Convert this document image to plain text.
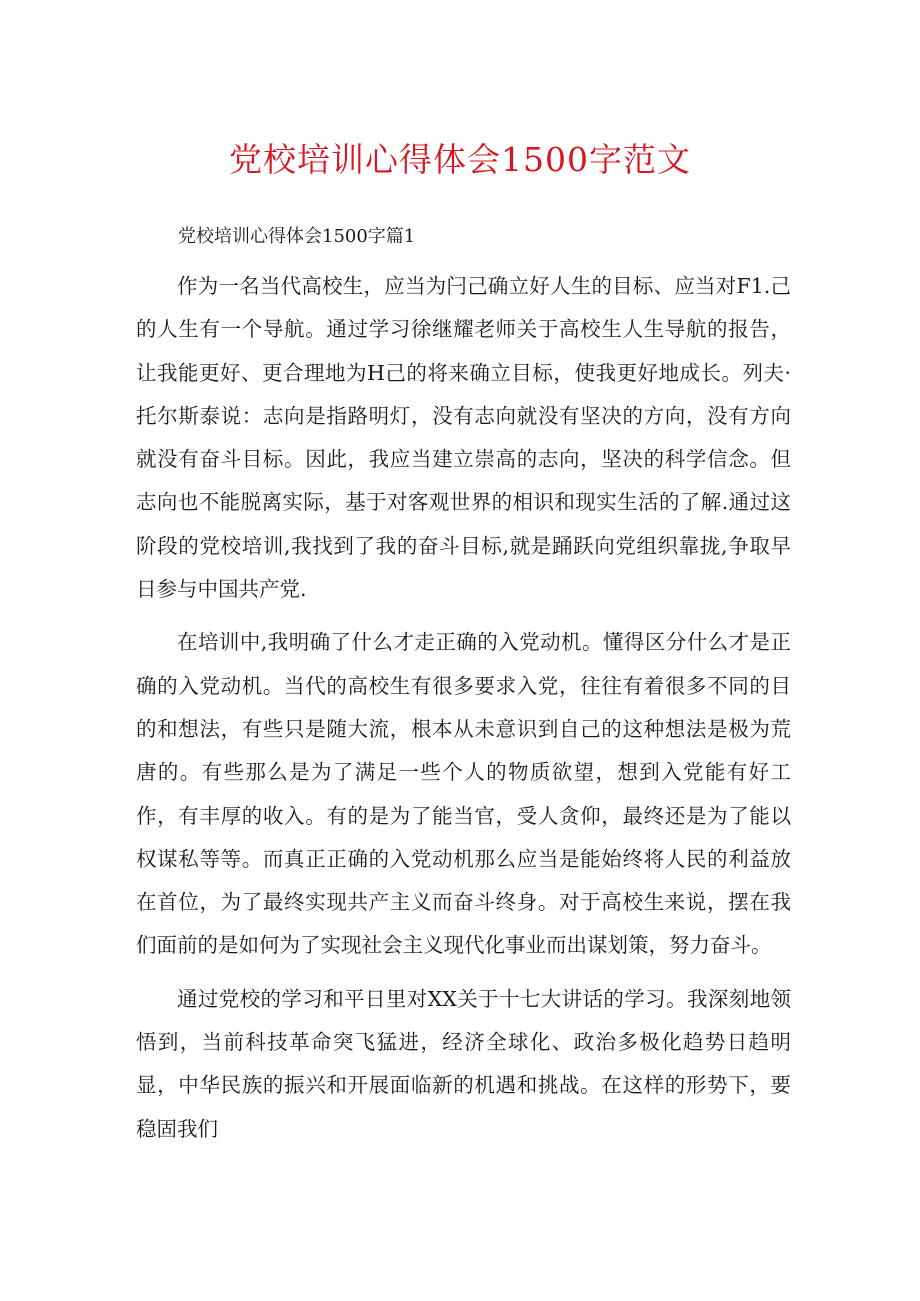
党校培训心得体会1500字范文

党校培训心得体会1500字篇1

作为一名当代高校生，应当为闩己确立好人生的目标、应当对F1.己的人生有一个导航。通过学习徐继耀老师关于高校生人生导航的报告，让我能更好、更合理地为H己的将来确立目标，使我更好地成长。列夫·托尔斯泰说：志向是指路明灯，没有志向就没有坚决的方向，没有方向就没有奋斗目标。因此，我应当建立崇高的志向，坚决的科学信念。但志向也不能脱离实际，基于对客观世界的相识和现实生活的了解.通过这阶段的党校培训,我找到了我的奋斗目标,就是踊跃向党组织靠拢,争取早日参与中国共产党.

在培训中,我明确了什么才走正确的入党动机。懂得区分什么才是正确的入党动机。当代的高校生有很多要求入党，往往有着很多不同的目的和想法，有些只是随大流，根本从未意识到自己的这种想法是极为荒唐的。有些那么是为了满足一些个人的物质欲望，想到入党能有好工作，有丰厚的收入。有的是为了能当官，受人贪仰，最终还是为了能以权谋私等等。而真正正确的入党动机那么应当是能始终将人民的利益放在首位，为了最终实现共产主义而奋斗终身。对于高校生来说，摆在我们面前的是如何为了实现社会主义现代化事业而出谋划策，努力奋斗。

通过党校的学习和平日里对XX关于十七大讲话的学习。我深刻地领悟到，当前科技革命突飞猛进，经济全球化、政治多极化趋势日趋明显，中华民族的振兴和开展面临新的机遇和挑战。在这样的形势下，要稳固我们
